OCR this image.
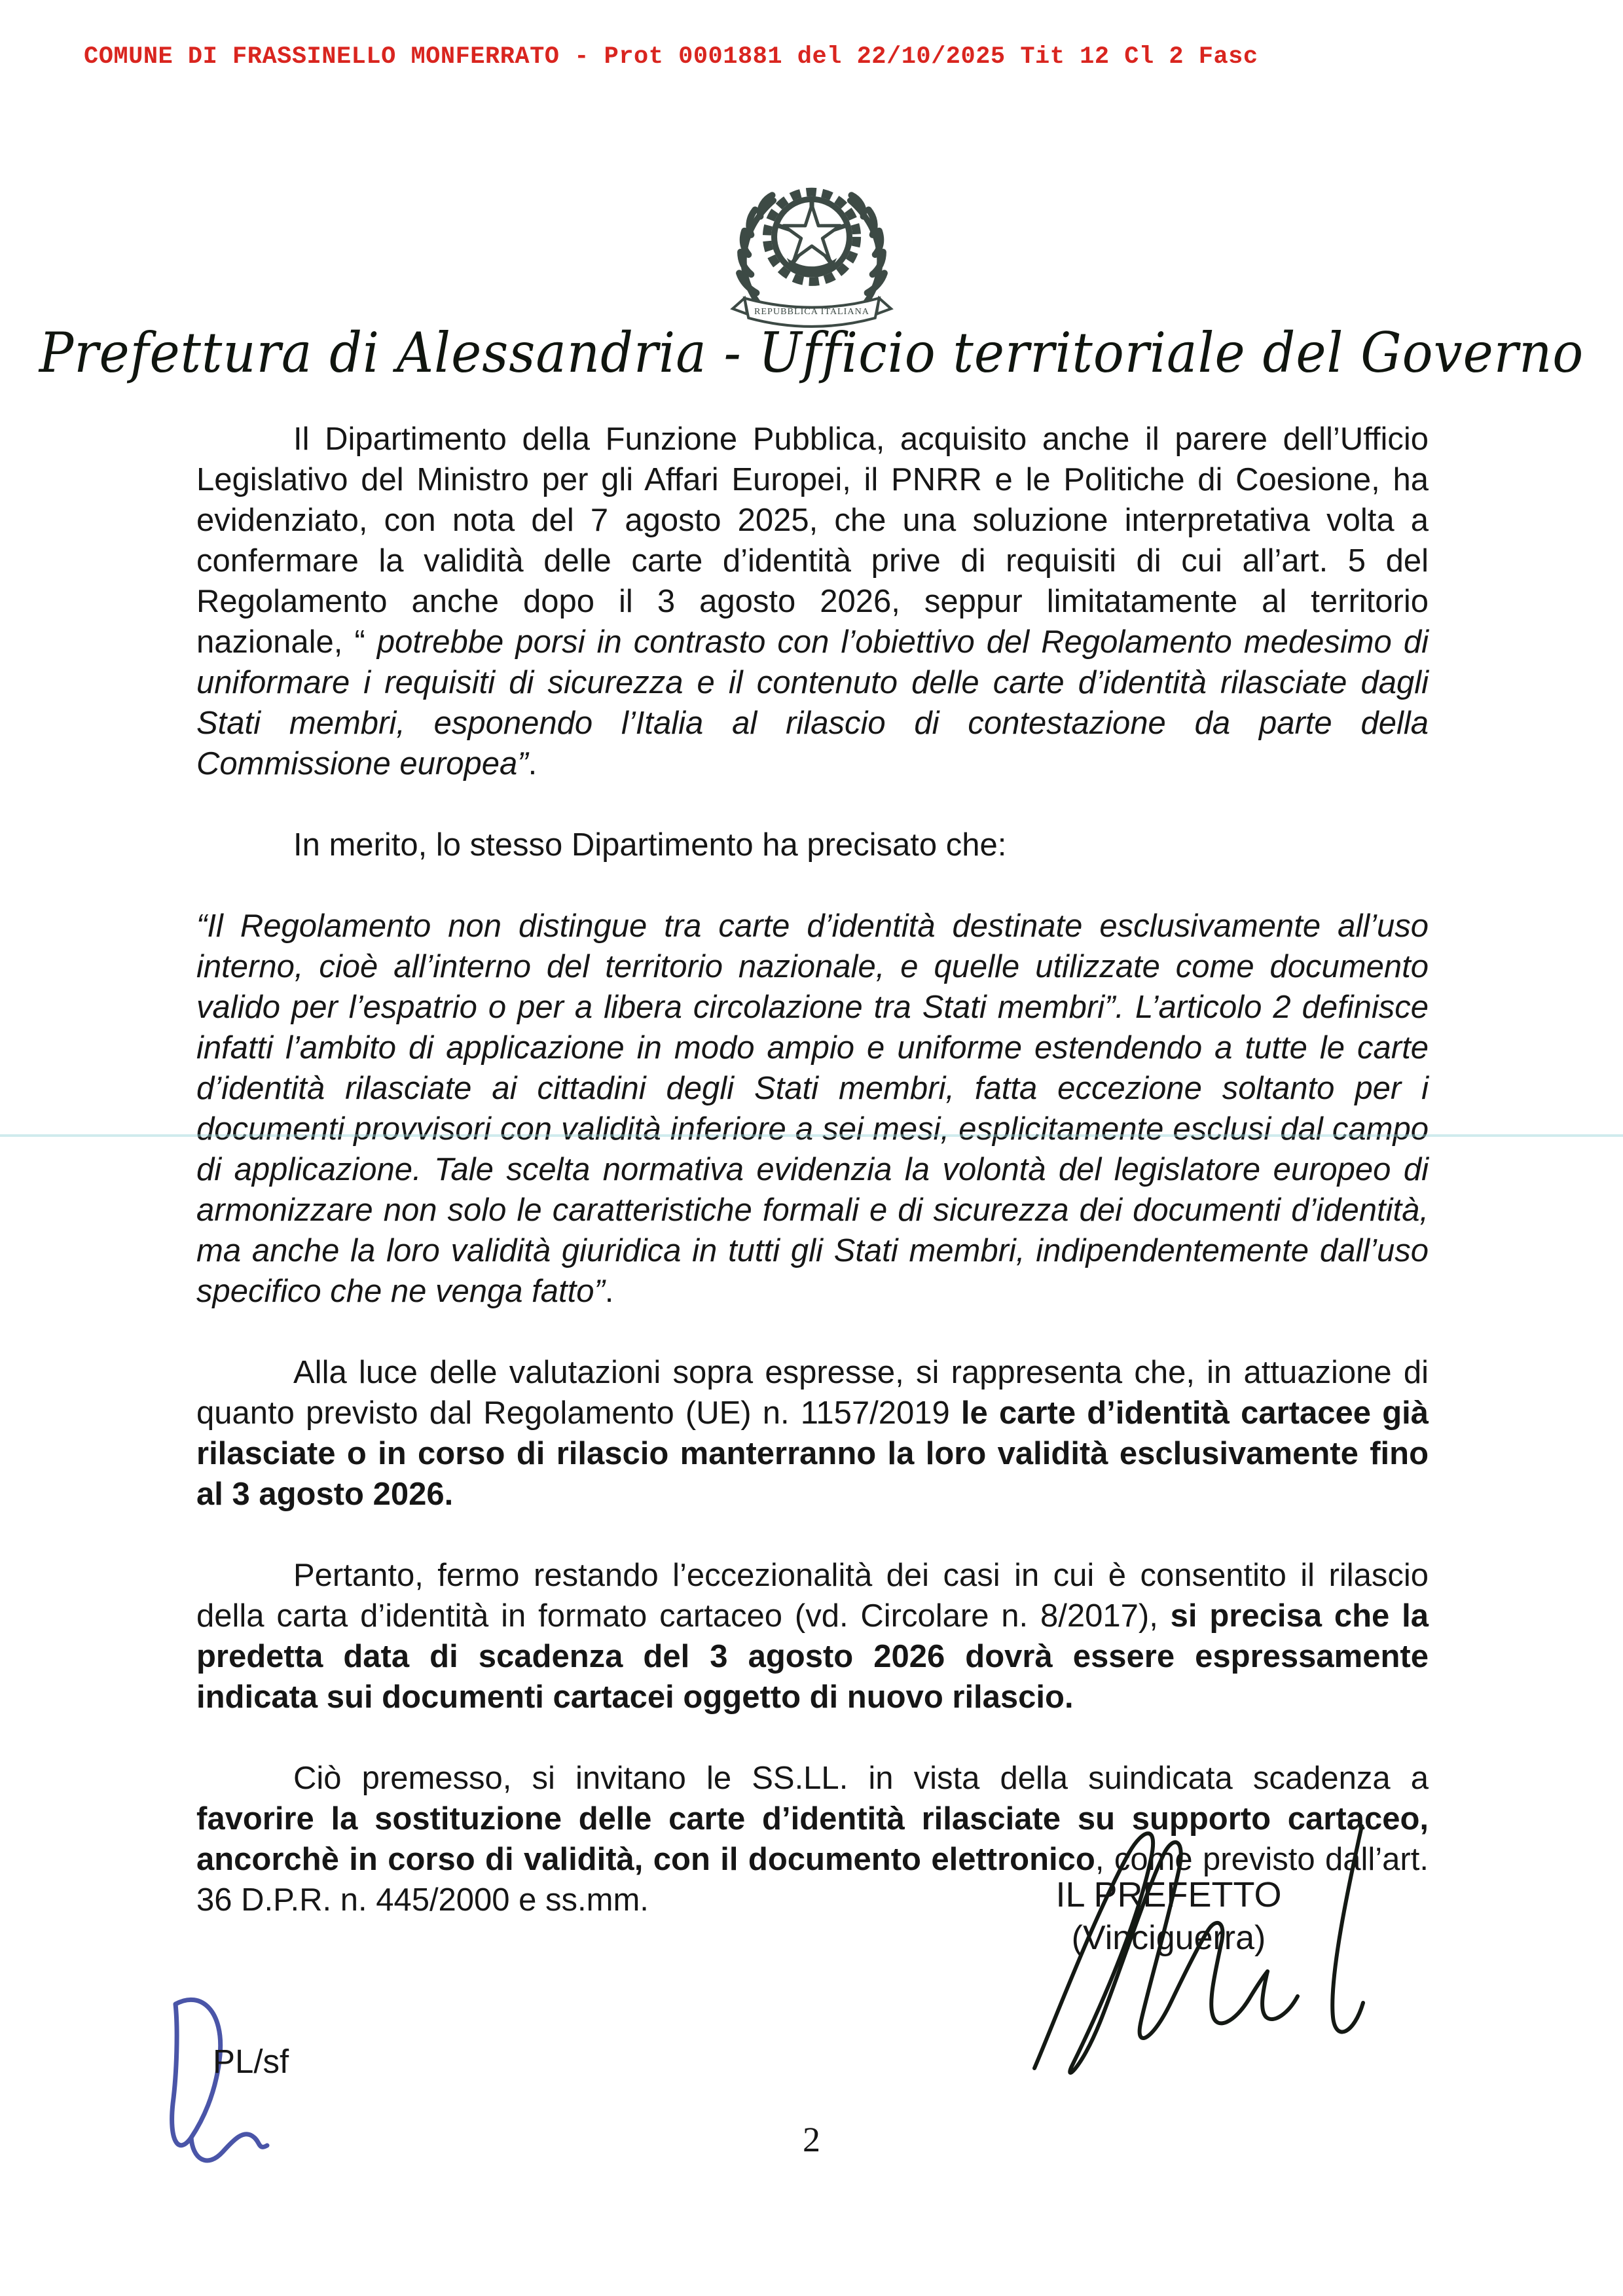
COMUNE DI FRASSINELLO MONFERRATO - Prot 0001881 del 22/10/2025 Tit 12 Cl 2 Fasc
REPUBBLICA ITALIANA
Prefettura di Alessandria - Ufficio territoriale del Governo

Il Dipartimento della Funzione Pubblica, acquisito anche il parere dell’Ufficio Legislativo del Ministro per gli Affari Europei, il PNRR e le Politiche di Coesione, ha evidenziato, con nota del 7 agosto 2025, che una soluzione interpretativa volta a confermare la validità delle carte d’identità prive di requisiti di cui all’art. 5 del Regolamento anche dopo il 3 agosto 2026, seppur limitatamente al territorio nazionale, “ potrebbe porsi in contrasto con l’obiettivo del Regolamento medesimo di uniformare i requisiti di sicurezza e il contenuto delle carte d’identità rilasciate dagli Stati membri, esponendo l’Italia al rilascio di contestazione da parte della Commissione europea”.

In merito, lo stesso Dipartimento ha precisato che:

“Il Regolamento non distingue tra carte d’identità destinate esclusivamente all’uso interno, cioè all’interno del territorio nazionale, e quelle utilizzate come documento valido per l’espatrio o per a libera circolazione tra Stati membri”. L’articolo 2 definisce infatti l’ambito di applicazione in modo ampio e uniforme estendendo a tutte le carte d’identità rilasciate ai cittadini degli Stati membri, fatta eccezione soltanto per i documenti provvisori con validità inferiore a sei mesi, esplicitamente esclusi dal campo di applicazione. Tale scelta normativa evidenzia la volontà del legislatore europeo di armonizzare non solo le caratteristiche formali e di sicurezza dei documenti d’identità, ma anche la loro validità giuridica in tutti gli Stati membri, indipendentemente dall’uso specifico che ne venga fatto”.

Alla luce delle valutazioni sopra espresse, si rappresenta che, in attuazione di quanto previsto dal Regolamento (UE) n. 1157/2019 le carte d’identità cartacee già rilasciate o in corso di rilascio manterranno la loro validità esclusivamente fino al 3 agosto 2026.

Pertanto, fermo restando l’eccezionalità dei casi in cui è consentito il rilascio della carta d’identità in formato cartaceo (vd. Circolare n. 8/2017), si precisa che la predetta data di scadenza del 3 agosto 2026 dovrà essere espressamente indicata sui documenti cartacei oggetto di nuovo rilascio.

Ciò premesso, si invitano le SS.LL. in vista della suindicata scadenza a favorire la sostituzione delle carte d’identità rilasciate su supporto cartaceo, ancorchè in corso di validità, con il documento elettronico, come previsto dall’art. 36 D.P.R. n. 445/2000 e ss.mm.	IL PREFETTO
(Vinciguerra)
PL/sf
2
